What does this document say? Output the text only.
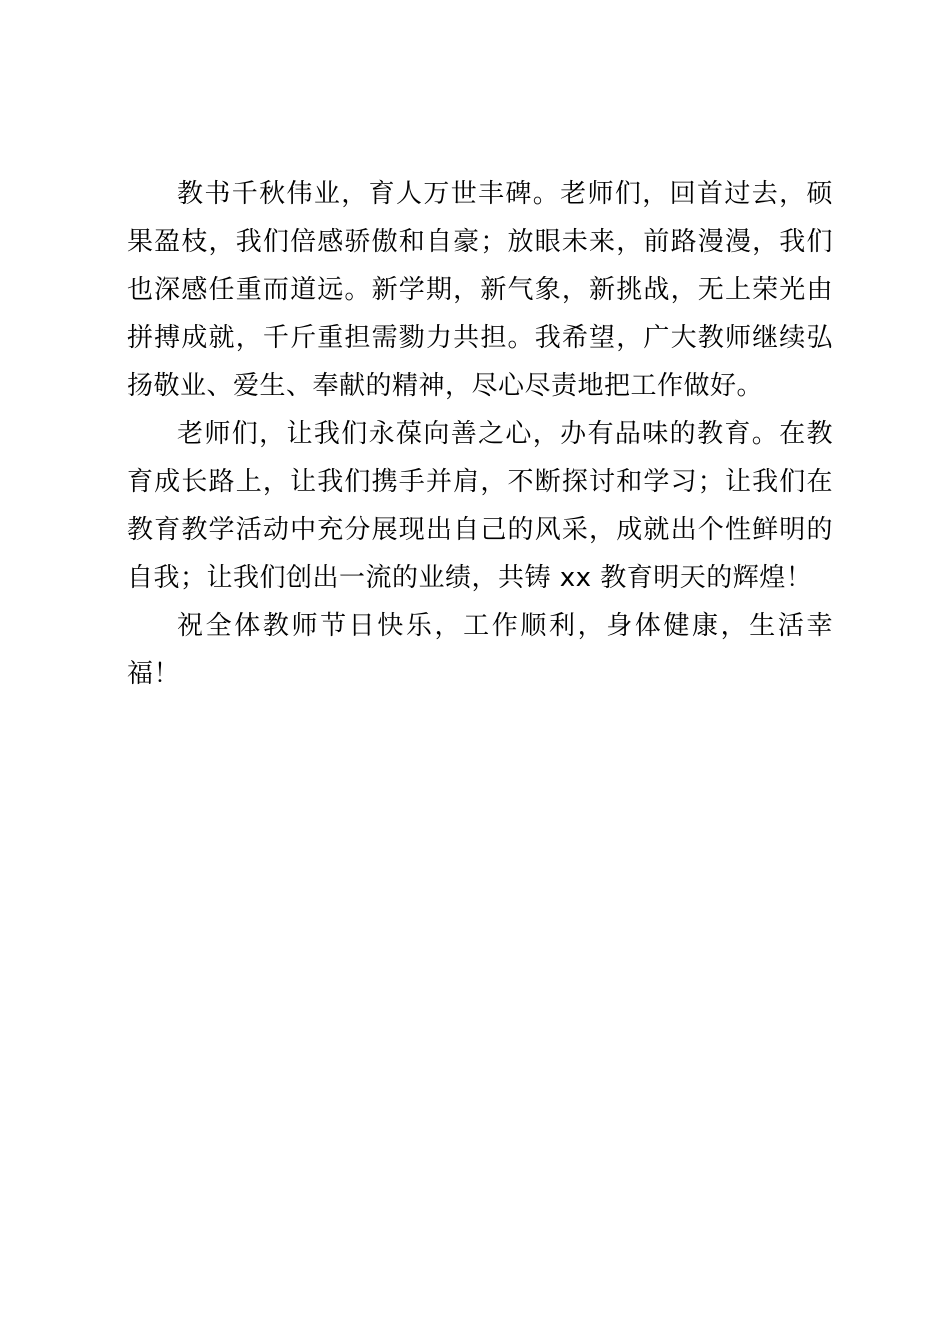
教书千秋伟业，育人万世丰碑。老师们，回首过去，硕果盈枝，我们倍感骄傲和自豪；放眼未来，前路漫漫，我们也深感任重而道远。新学期，新气象，新挑战，无上荣光由拼搏成就，千斤重担需勠力共担。我希望，广大教师继续弘扬敬业、爱生、奉献的精神，尽心尽责地把工作做好。

老师们，让我们永葆向善之心，办有品味的教育。在教育成长路上，让我们携手并肩，不断探讨和学习；让我们在教育教学活动中充分展现出自己的风采，成就出个性鲜明的自我；让我们创出一流的业绩，共铸 xx 教育明天的辉煌！

祝全体教师节日快乐，工作顺利，身体健康，生活幸福！
